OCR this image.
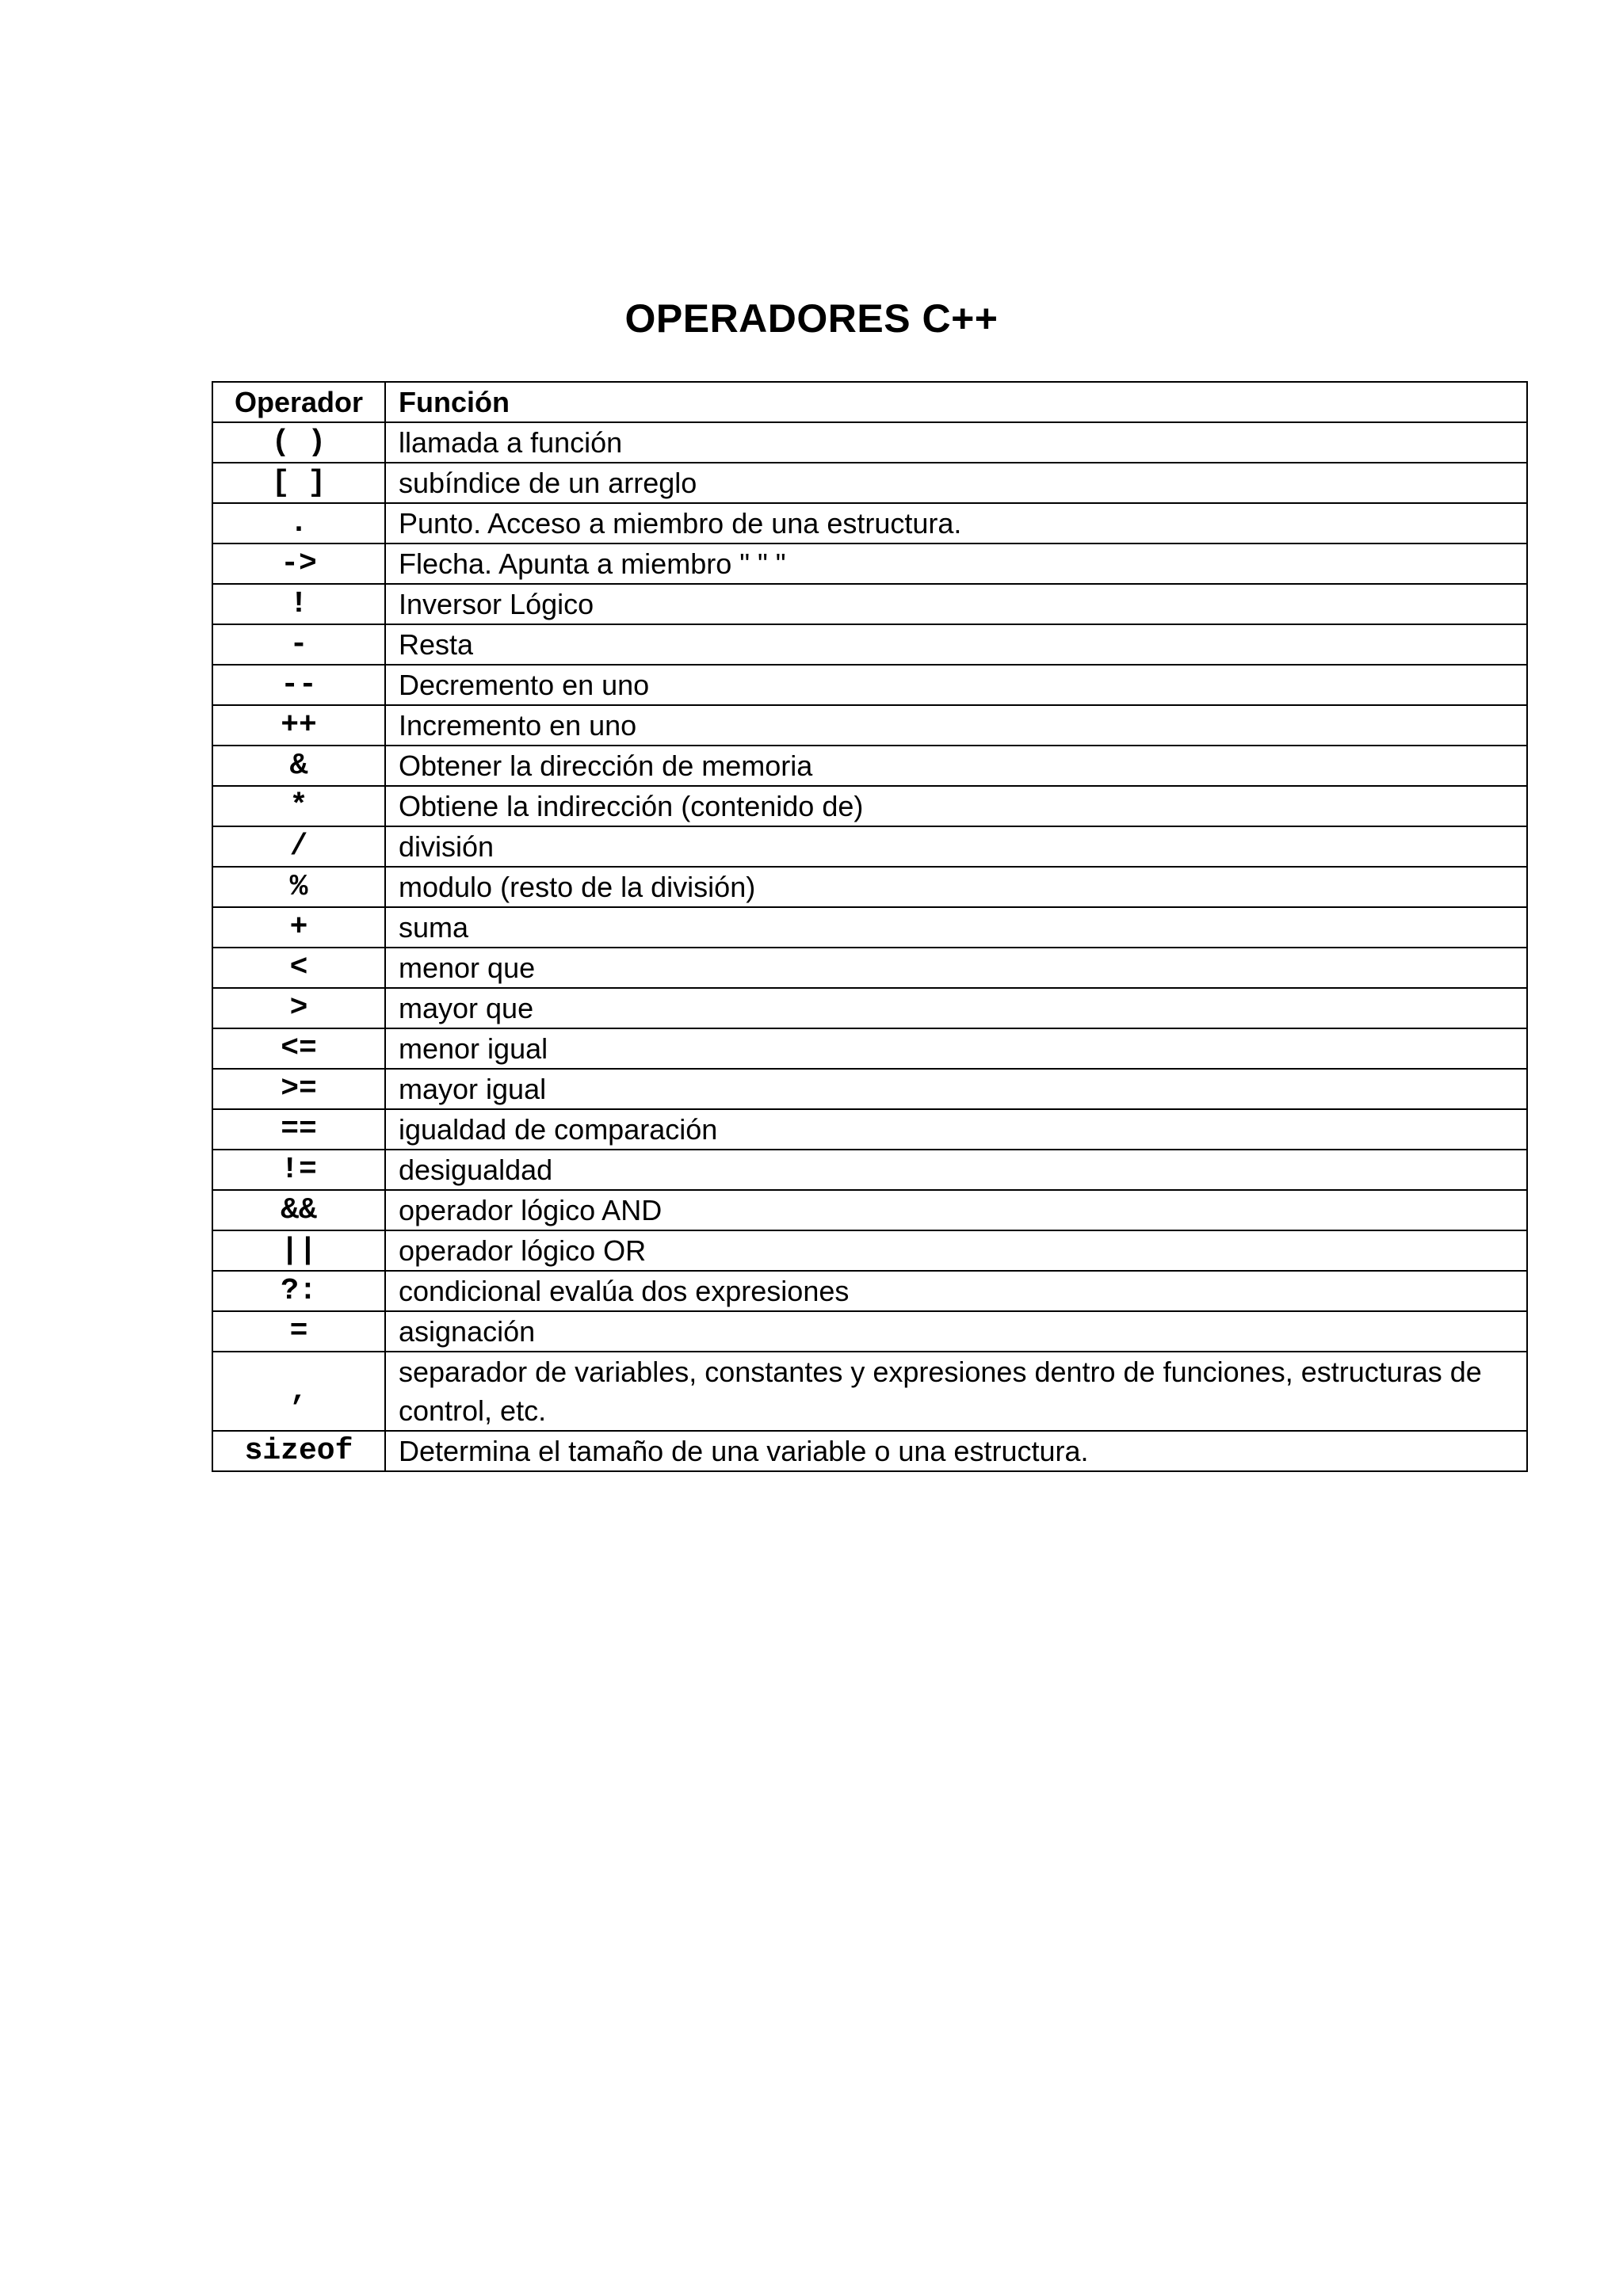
OPERADORES C++
Operador	Función
( )	llamada a función
[ ]	subíndice de un arreglo
.	Punto. Acceso a miembro de una estructura.
->	Flecha. Apunta a miembro " " "
!	Inversor Lógico
-	Resta
--	Decremento en uno
++	Incremento en uno
&	Obtener la dirección de memoria
*	Obtiene la indirección (contenido de)
/	división
%	modulo (resto de la división)
+	suma
<	menor que
>	mayor que
<=	menor igual
>=	mayor igual
==	igualdad de comparación
!=	desigualdad
&&	operador lógico AND
||	operador lógico OR
?:	condicional evalúa dos expresiones
=	asignación
,	separador de variables, constantes y expresiones dentro de funciones, estructuras de control, etc.
sizeof	Determina el tamaño de una variable o una estructura.
